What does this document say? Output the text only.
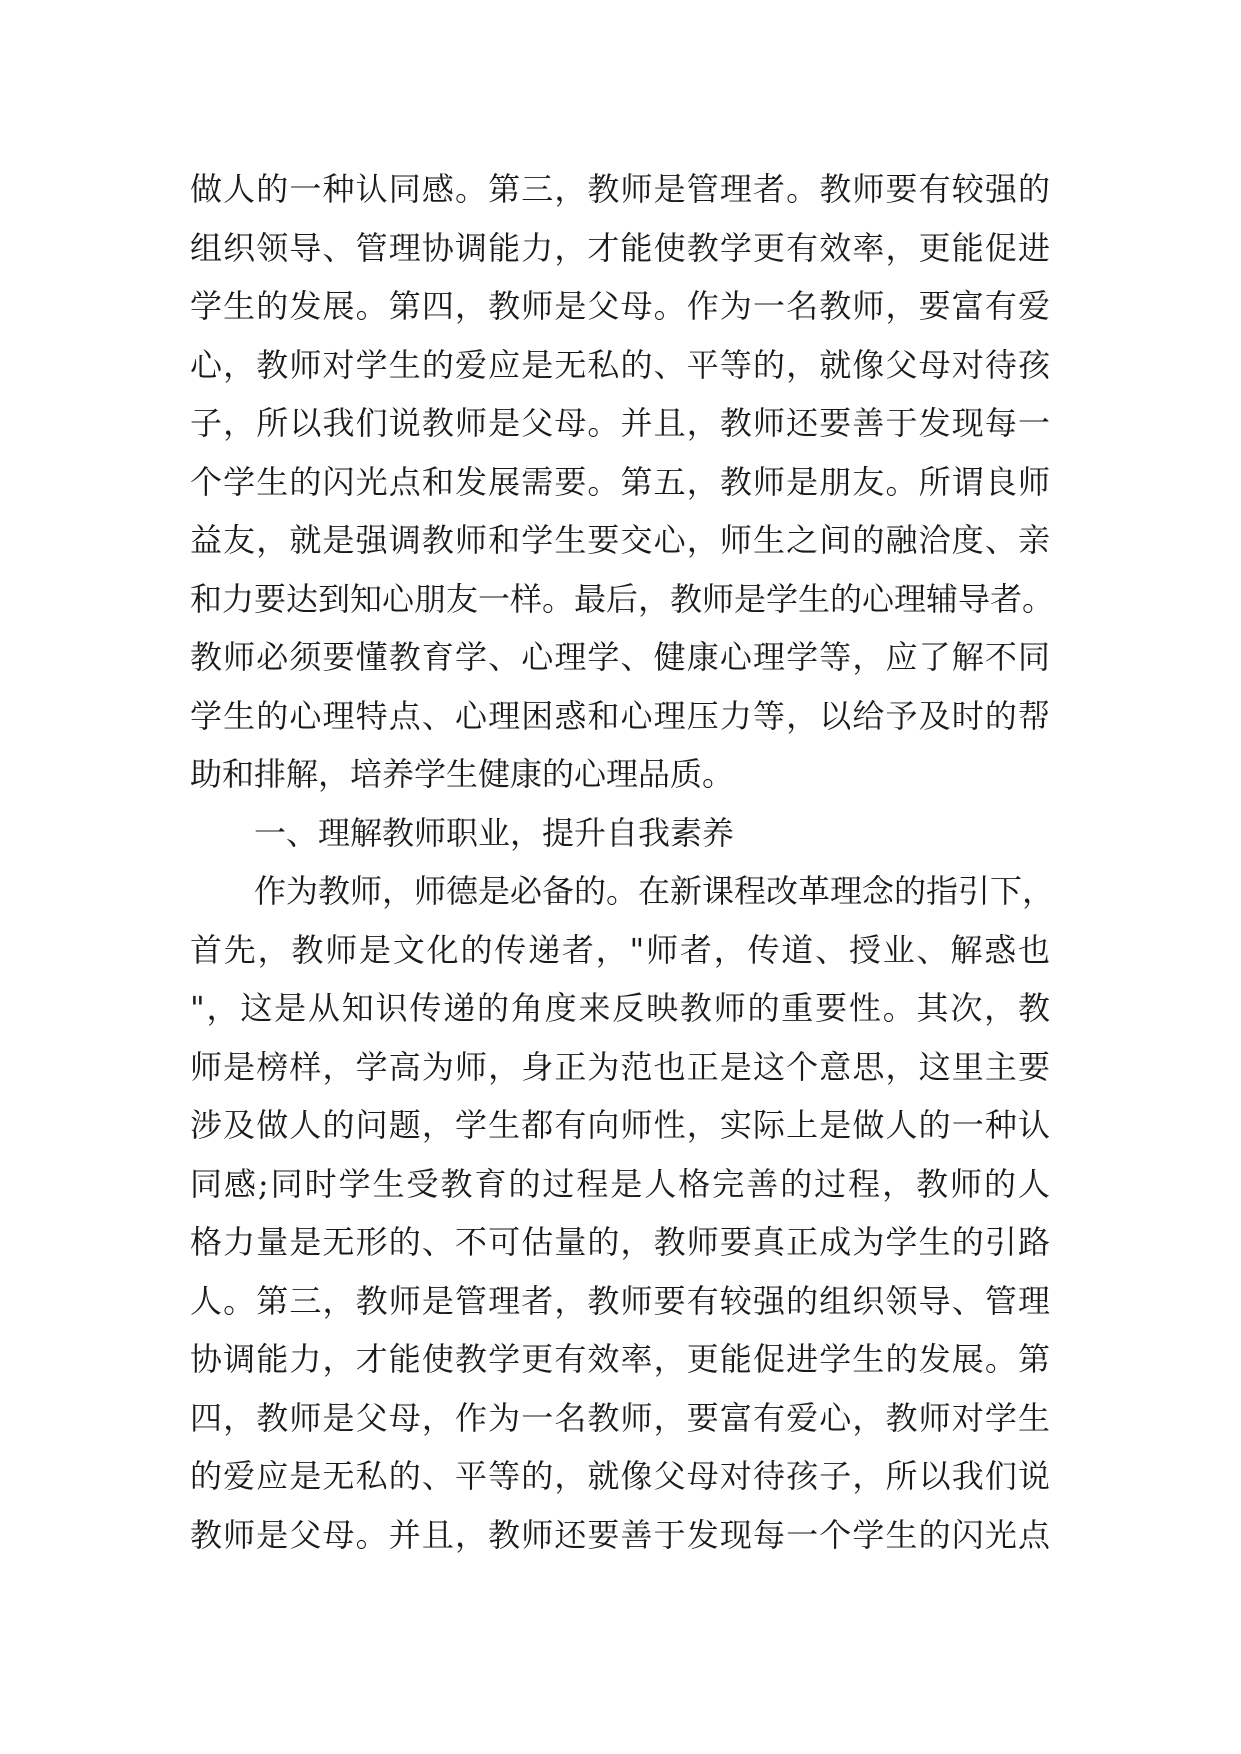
做人的一种认同感。第三，教师是管理者。教师要有较强的
组织领导、管理协调能力，才能使教学更有效率，更能促进
学生的发展。第四，教师是父母。作为一名教师，要富有爱
心，教师对学生的爱应是无私的、平等的，就像父母对待孩
子，所以我们说教师是父母。并且，教师还要善于发现每一
个学生的闪光点和发展需要。第五，教师是朋友。所谓良师
益友，就是强调教师和学生要交心，师生之间的融洽度、亲
和力要达到知心朋友一样。最后，教师是学生的心理辅导者。
教师必须要懂教育学、心理学、健康心理学等，应了解不同
学生的心理特点、心理困惑和心理压力等，以给予及时的帮
助和排解，培养学生健康的心理品质。
一、理解教师职业，提升自我素养
作为教师，师德是必备的。在新课程改革理念的指引下，
首先，教师是文化的传递者，"师者，传道、授业、解惑也
"，这是从知识传递的角度来反映教师的重要性。其次，教
师是榜样，学高为师，身正为范也正是这个意思，这里主要
涉及做人的问题，学生都有向师性，实际上是做人的一种认
同感;同时学生受教育的过程是人格完善的过程，教师的人
格力量是无形的、不可估量的，教师要真正成为学生的引路
人。第三，教师是管理者，教师要有较强的组织领导、管理
协调能力，才能使教学更有效率，更能促进学生的发展。第
四，教师是父母，作为一名教师，要富有爱心，教师对学生
的爱应是无私的、平等的，就像父母对待孩子，所以我们说
教师是父母。并且，教师还要善于发现每一个学生的闪光点
